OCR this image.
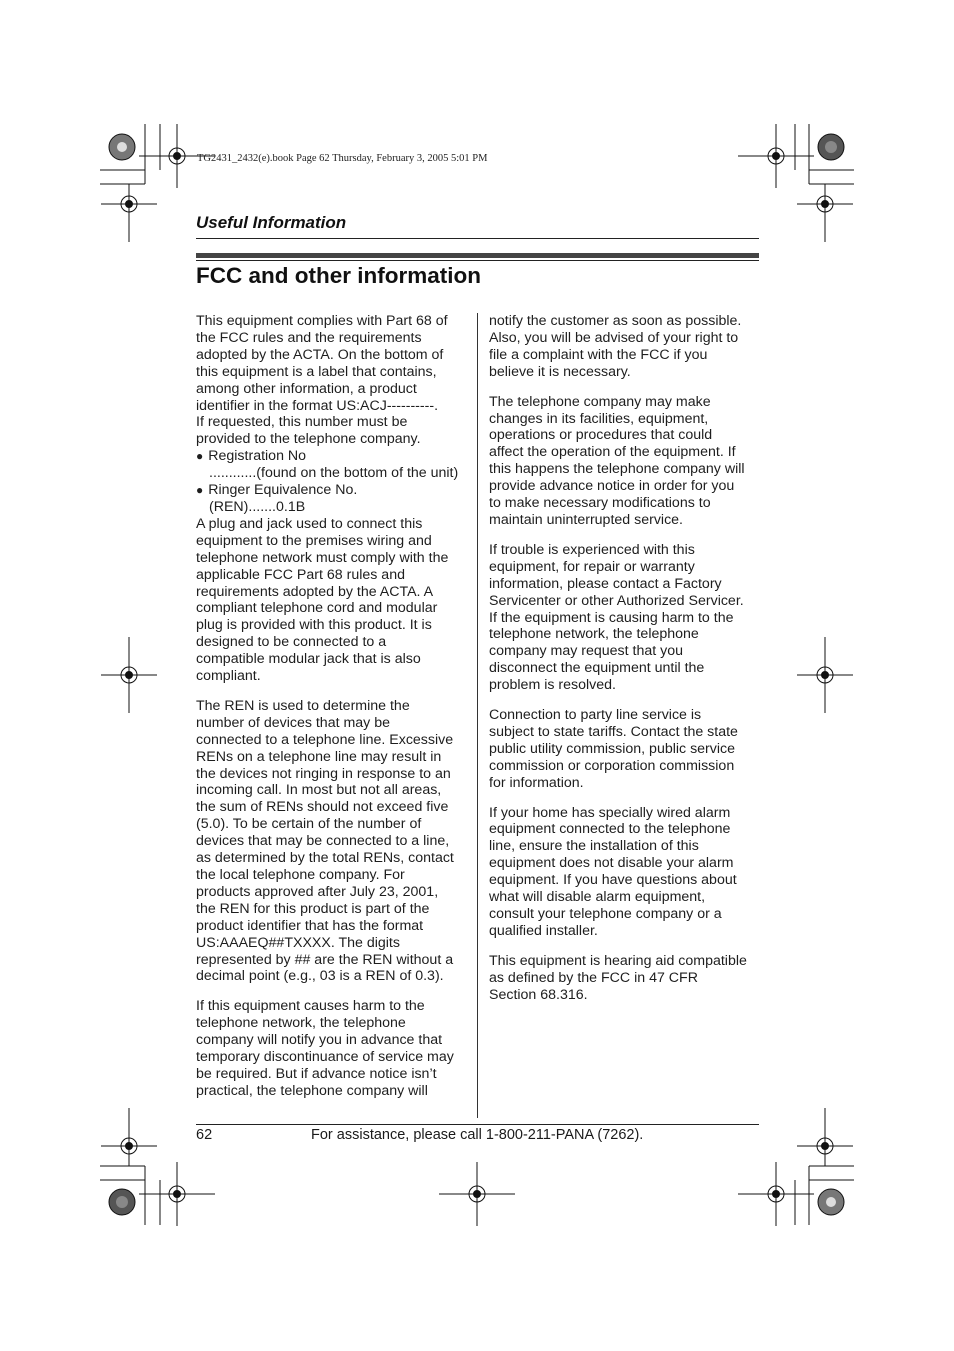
TG2431_2432(e).book Page 62 Thursday, February 3, 2005 5:01 PM
Useful Information
FCC and other information

This equipment complies with Part 68 of
the FCC rules and the requirements
adopted by the ACTA. On the bottom of
this equipment is a label that contains,
among other information, a product
identifier in the format US:ACJ----------.
If requested, this number must be
provided to the telephone company.

● Registration No
............(found on the bottom of the unit)
● Ringer Equivalence No.
(REN).......0.1B

A plug and jack used to connect this
equipment to the premises wiring and
telephone network must comply with the
applicable FCC Part 68 rules and
requirements adopted by the ACTA. A
compliant telephone cord and modular
plug is provided with this product. It is
designed to be connected to a
compatible modular jack that is also
compliant.

The REN is used to determine the
number of devices that may be
connected to a telephone line. Excessive
RENs on a telephone line may result in
the devices not ringing in response to an
incoming call. In most but not all areas,
the sum of RENs should not exceed five
(5.0). To be certain of the number of
devices that may be connected to a line,
as determined by the total RENs, contact
the local telephone company. For
products approved after July 23, 2001,
the REN for this product is part of the
product identifier that has the format
US:AAAEQ##TXXXX. The digits
represented by ## are the REN without a
decimal point (e.g., 03 is a REN of 0.3).

If this equipment causes harm to the
telephone network, the telephone
company will notify you in advance that
temporary discontinuance of service may
be required. But if advance notice isn’t
practical, the telephone company will

notify the customer as soon as possible.
Also, you will be advised of your right to
file a complaint with the FCC if you
believe it is necessary.

The telephone company may make
changes in its facilities, equipment,
operations or procedures that could
affect the operation of the equipment. If
this happens the telephone company will
provide advance notice in order for you
to make necessary modifications to
maintain uninterrupted service.

If trouble is experienced with this
equipment, for repair or warranty
information, please contact a Factory
Servicenter or other Authorized Servicer.
If the equipment is causing harm to the
telephone network, the telephone
company may request that you
disconnect the equipment until the
problem is resolved.

Connection to party line service is
subject to state tariffs. Contact the state
public utility commission, public service
commission or corporation commission
for information.

If your home has specially wired alarm
equipment connected to the telephone
line, ensure the installation of this
equipment does not disable your alarm
equipment. If you have questions about
what will disable alarm equipment,
consult your telephone company or a
qualified installer.

This equipment is hearing aid compatible
as defined by the FCC in 47 CFR
Section 68.316.

62	For assistance, please call 1-800-211-PANA (7262).
